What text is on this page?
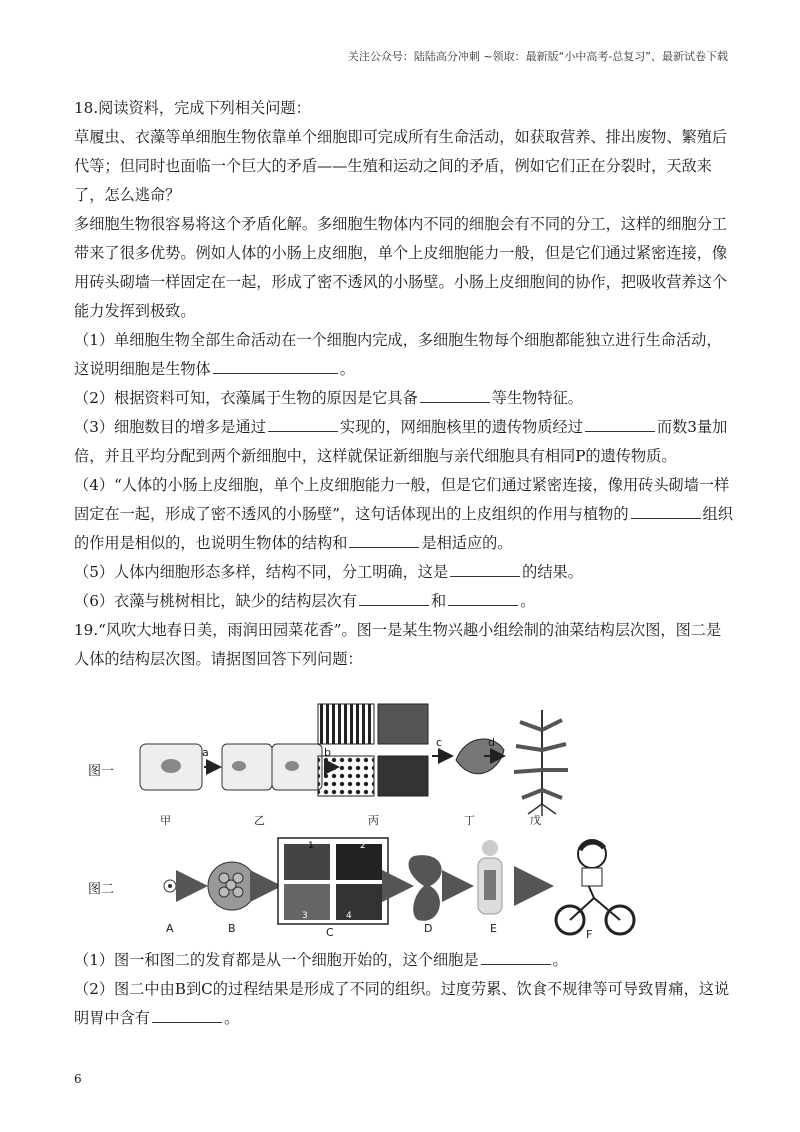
关注公众号：陆陆高分冲刺 ~领取：最新版“小中高考-总复习”、最新试卷下载

18.阅读资料，完成下列相关问题：

草履虫、衣藻等单细胞生物依靠单个细胞即可完成所有生命活动，如获取营养、排出废物、繁殖后代等；但同时也面临一个巨大的矛盾——生殖和运动之间的矛盾，例如它们正在分裂时，天敌来了，怎么逃命？

多细胞生物很容易将这个矛盾化解。多细胞生物体内不同的细胞会有不同的分工，这样的细胞分工带来了很多优势。例如人体的小肠上皮细胞，单个上皮细胞能力一般，但是它们通过紧密连接，像用砖头砌墙一样固定在一起，形成了密不透风的小肠壁。小肠上皮细胞间的协作，把吸收营养这个能力发挥到极致。

（1）单细胞生物全部生命活动在一个细胞内完成，多细胞生物每个细胞都能独立进行生命活动，这说明细胞是生物体	。

（2）根据资料可知，衣藻属于生物的原因是它具备	等生物特征。

（3）细胞数目的增多是通过	实现的，网细胞核里的遗传物质经过	而数3量加倍，并且平均分配到两个新细胞中，这样就保证新细胞与亲代细胞具有相同P的遗传物质。

（4）“人体的小肠上皮细胞，单个上皮细胞能力一般，但是它们通过紧密连接，像用砖头砌墙一样固定在一起，形成了密不透风的小肠壁”，这句话体现出的上皮组织的作用与植物的	组织的作用是相似的，也说明生物体的结构和	是相适应的。

（5）人体内细胞形态多样，结构不同，分工明确，这是	的结果。

（6）衣藻与桃树相比，缺少的结构层次有	和	。

19.“风吹大地春日美，雨润田园菜花香”。图一是某生物兴趣小组绘制的油菜结构层次图，图二是人体的结构层次图。请据图回答下列问题：

图一
a	b
c	d
甲	乙	丙	丁	戊
图二
1	2
3	4
A	B	C	D	E	F

（1）图一和图二的发育都是从一个细胞开始的，这个细胞是	。

（2）图二中由B到C的过程结果是形成了不同的组织。过度劳累、饮食不规律等可导致胃痛，这说明胃中含有	。

6
